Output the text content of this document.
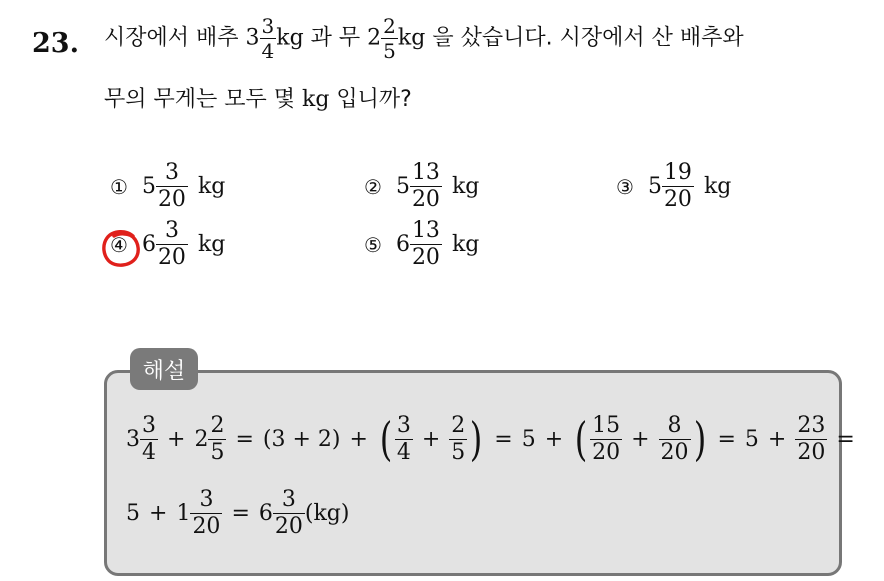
23. 시장에서 배추 $3 \frac{3}{4}$ kg 과 무 $2 \frac{2}{5}$ kg 을 샀습니다. 시장에서 산 배추와
무의 무게는 모두 몇 kg 입니까?
① $5 \frac{3}{20}$ kg	② $5 \frac{13}{20}$ kg	③ $5 \frac{19}{20}$ kg
④ $6 \frac{3}{20}$ kg	⑤ $6 \frac{13}{20}$ kg
해설
$3 \frac{3}{4} + 2 \frac{2}{5} = (3 + 2)$ + ( $\frac{3}{4} + \frac{2}{5}$ ) = 5 + ( $\frac{15}{20} + \frac{8}{20}$ ) = $5 + \frac{23}{20}$ =
$5 + 1 \frac{3}{20} = 6 \frac{3}{20} (kg)$
